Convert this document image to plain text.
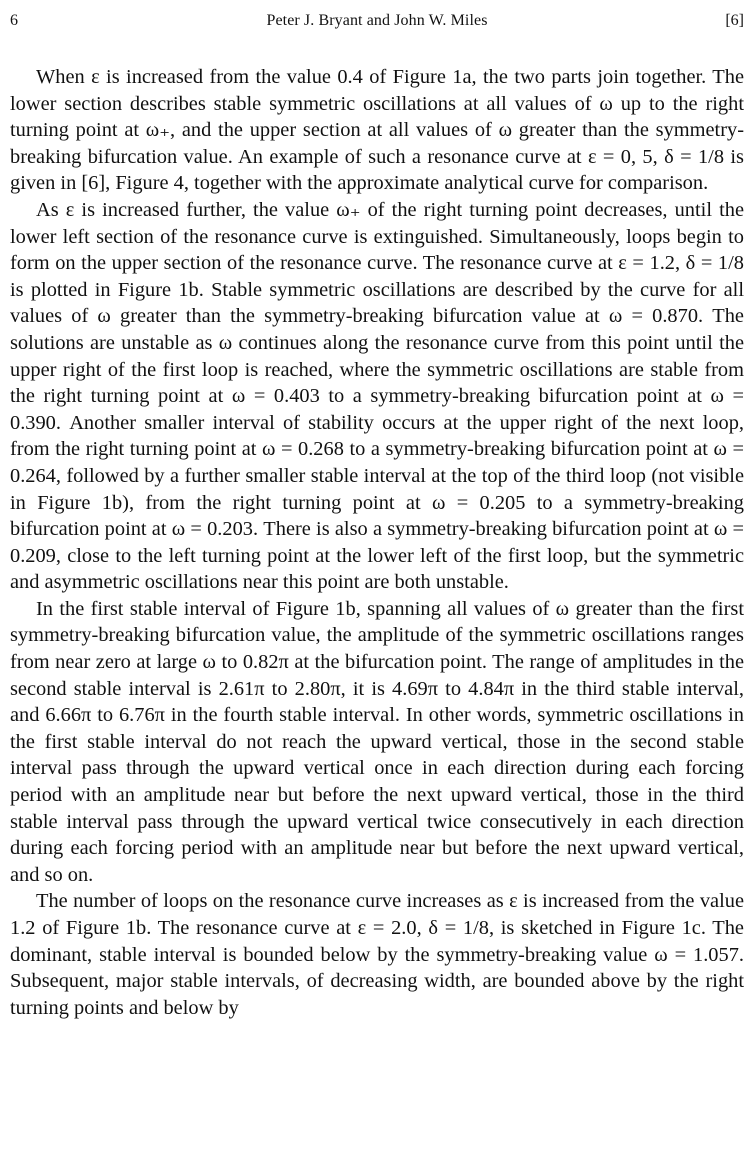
6	Peter J. Bryant and John W. Miles	[6]

When ε is increased from the value 0.4 of Figure 1a, the two parts join together. The lower section describes stable symmetric oscillations at all values of ω up to the right turning point at ω₊, and the upper section at all values of ω greater than the symmetry-breaking bifurcation value. An example of such a resonance curve at ε = 0, 5, δ = 1/8 is given in [6], Figure 4, together with the approximate analytical curve for comparison.

As ε is increased further, the value ω₊ of the right turning point decreases, until the lower left section of the resonance curve is extinguished. Simultaneously, loops begin to form on the upper section of the resonance curve. The resonance curve at ε = 1.2, δ = 1/8 is plotted in Figure 1b. Stable symmetric oscillations are described by the curve for all values of ω greater than the symmetry-breaking bifurcation value at ω = 0.870. The solutions are unstable as ω continues along the resonance curve from this point until the upper right of the first loop is reached, where the symmetric oscillations are stable from the right turning point at ω = 0.403 to a symmetry-breaking bifurcation point at ω = 0.390. Another smaller interval of stability occurs at the upper right of the next loop, from the right turning point at ω = 0.268 to a symmetry-breaking bifurcation point at ω = 0.264, followed by a further smaller stable interval at the top of the third loop (not visible in Figure 1b), from the right turning point at ω = 0.205 to a symmetry-breaking bifurcation point at ω = 0.203. There is also a symmetry-breaking bifurcation point at ω = 0.209, close to the left turning point at the lower left of the first loop, but the symmetric and asymmetric oscillations near this point are both unstable.

In the first stable interval of Figure 1b, spanning all values of ω greater than the first symmetry-breaking bifurcation value, the amplitude of the symmetric oscillations ranges from near zero at large ω to 0.82π at the bifurcation point. The range of amplitudes in the second stable interval is 2.61π to 2.80π, it is 4.69π to 4.84π in the third stable interval, and 6.66π to 6.76π in the fourth stable interval. In other words, symmetric oscillations in the first stable interval do not reach the upward vertical, those in the second stable interval pass through the upward vertical once in each direction during each forcing period with an amplitude near but before the next upward vertical, those in the third stable interval pass through the upward vertical twice consecutively in each direction during each forcing period with an amplitude near but before the next upward vertical, and so on.

The number of loops on the resonance curve increases as ε is increased from the value 1.2 of Figure 1b. The resonance curve at ε = 2.0, δ = 1/8, is sketched in Figure 1c. The dominant, stable interval is bounded below by the symmetry-breaking value ω = 1.057. Subsequent, major stable intervals, of decreasing width, are bounded above by the right turning points and below by
